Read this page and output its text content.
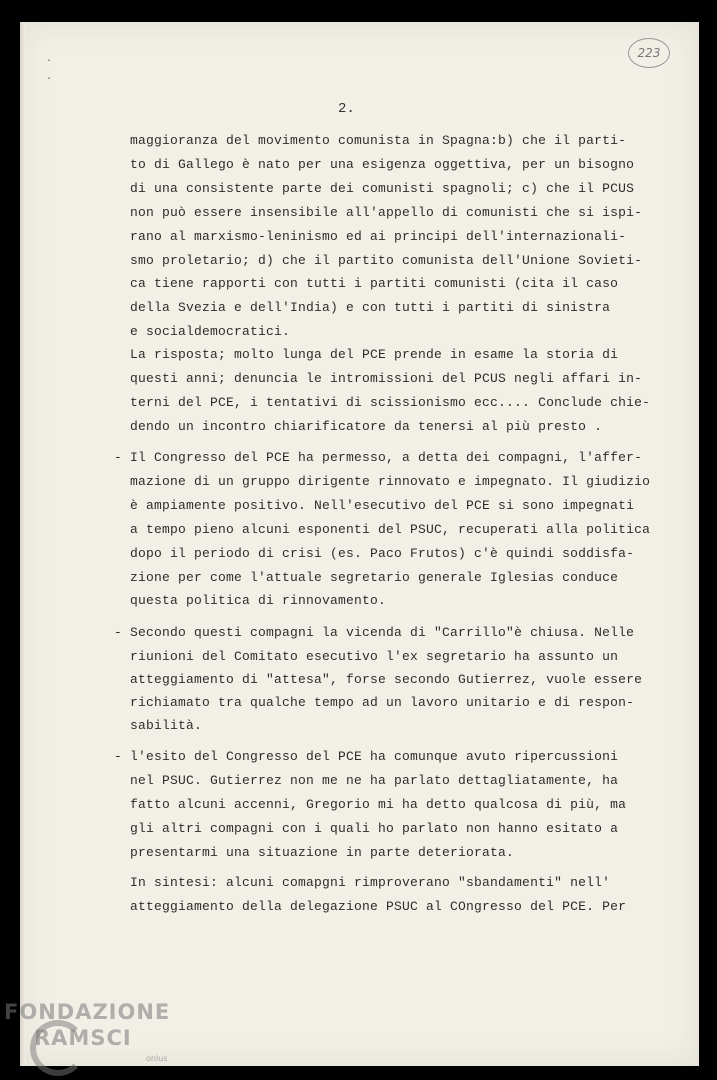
·
·
223
2.
maggioranza del movimento comunista in Spagna:b) che il parti-
to di Gallego è nato per una esigenza oggettiva, per un bisogno
di una consistente parte dei comunisti spagnoli; c) che il PCUS
non può essere insensibile all'appello di comunisti che si ispi-
rano al marxismo-leninismo ed ai principi dell'internazionali-
smo proletario; d) che il partito comunista dell'Unione Sovieti-
ca tiene rapporti con tutti i partiti comunisti (cita il caso
della Svezia e dell'India) e con tutti i partiti di sinistra
e socialdemocratici.
La risposta; molto lunga del PCE prende in esame la storia di
questi anni; denuncia le intromissioni del PCUS negli affari in-
terni del PCE, i tentativi di scissionismo ecc.... Conclude chie-
dendo un incontro chiarificatore da tenersi al più presto .
- Il Congresso del PCE ha permesso, a detta dei compagni, l'affer-
mazione di un gruppo dirigente rinnovato e impegnato. Il giudizio
è ampiamente positivo. Nell'esecutivo del PCE si sono impegnati
a tempo pieno alcuni esponenti del PSUC, recuperati alla politica
dopo il periodo di crisi (es. Paco Frutos) c'è quindi soddisfa-
zione per come l'attuale segretario generale Iglesias conduce
questa politica di rinnovamento.
- Secondo questi compagni la vicenda di "Carrillo"è chiusa. Nelle
riunioni del Comitato esecutivo l'ex segretario ha assunto un
atteggiamento di "attesa", forse secondo Gutierrez, vuole essere
richiamato tra qualche tempo ad un lavoro unitario e di respon-
sabilità.
- l'esito del Congresso del PCE ha comunque avuto ripercussioni
nel PSUC. Gutierrez non me ne ha parlato dettagliatamente, ha
fatto alcuni accenni, Gregorio mi ha detto qualcosa di più, ma
gli altri compagni con i quali ho parlato non hanno esitato a
presentarmi una situazione in parte deteriorata.
In sintesi: alcuni comapgni rimproverano "sbandamenti" nell'
atteggiamento della delegazione PSUC al COngresso del PCE. Per
FONDAZIONE
RAMSCI
onlus
